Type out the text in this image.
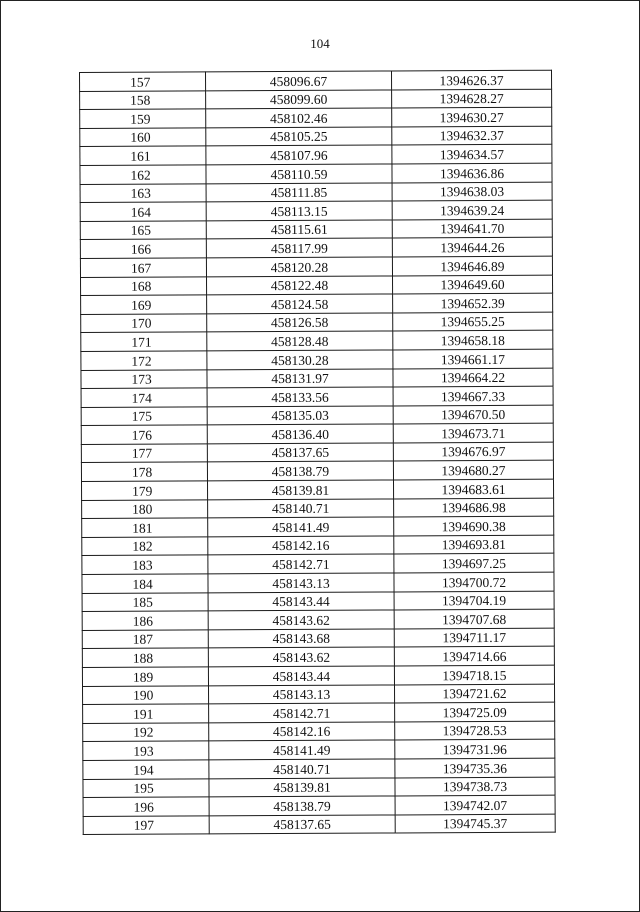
104
157	458096.67	1394626.37
158	458099.60	1394628.27
159	458102.46	1394630.27
160	458105.25	1394632.37
161	458107.96	1394634.57
162	458110.59	1394636.86
163	458111.85	1394638.03
164	458113.15	1394639.24
165	458115.61	1394641.70
166	458117.99	1394644.26
167	458120.28	1394646.89
168	458122.48	1394649.60
169	458124.58	1394652.39
170	458126.58	1394655.25
171	458128.48	1394658.18
172	458130.28	1394661.17
173	458131.97	1394664.22
174	458133.56	1394667.33
175	458135.03	1394670.50
176	458136.40	1394673.71
177	458137.65	1394676.97
178	458138.79	1394680.27
179	458139.81	1394683.61
180	458140.71	1394686.98
181	458141.49	1394690.38
182	458142.16	1394693.81
183	458142.71	1394697.25
184	458143.13	1394700.72
185	458143.44	1394704.19
186	458143.62	1394707.68
187	458143.68	1394711.17
188	458143.62	1394714.66
189	458143.44	1394718.15
190	458143.13	1394721.62
191	458142.71	1394725.09
192	458142.16	1394728.53
193	458141.49	1394731.96
194	458140.71	1394735.36
195	458139.81	1394738.73
196	458138.79	1394742.07
197	458137.65	1394745.37
